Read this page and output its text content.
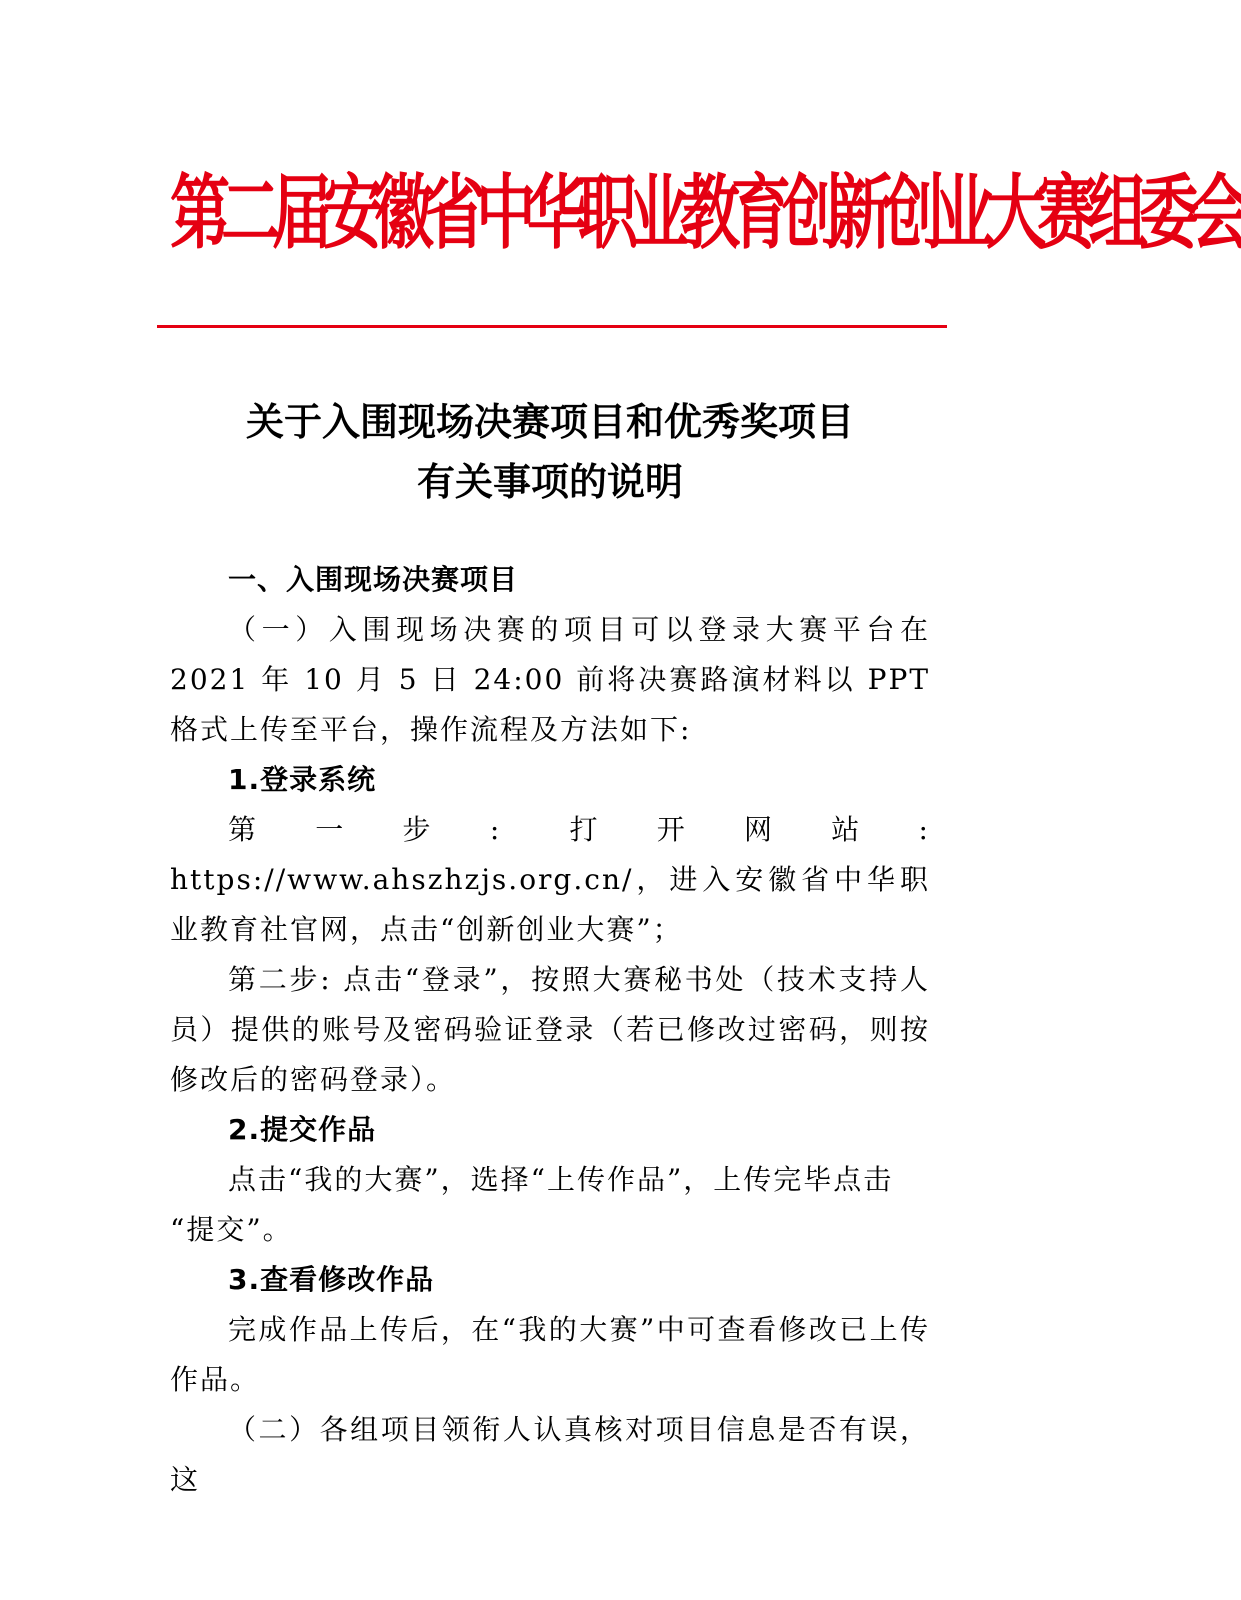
第二届安徽省中华职业教育创新创业大赛组委会
关于入围现场决赛项目和优秀奖项目
有关事项的说明

一、入围现场决赛项目

（一）入围现场决赛的项目可以登录大赛平台在 2021 年 10 月 5 日 24:00 前将决赛路演材料以 PPT 格式上传至平台，操作流程及方法如下:

1.登录系统

第一步: 打开网站: https://www.ahszhzjs.org.cn/，进入安徽省中华职业教育社官网，点击“创新创业大赛”；

第二步: 点击“登录”，按照大赛秘书处（技术支持人员）提供的账号及密码验证登录（若已修改过密码，则按修改后的密码登录）。

2.提交作品

点击“我的大赛”，选择“上传作品”，上传完毕点击

“提交”。

3.查看修改作品

完成作品上传后，在“我的大赛”中可查看修改已上传作品。

（二）各组项目领衔人认真核对项目信息是否有误，这
